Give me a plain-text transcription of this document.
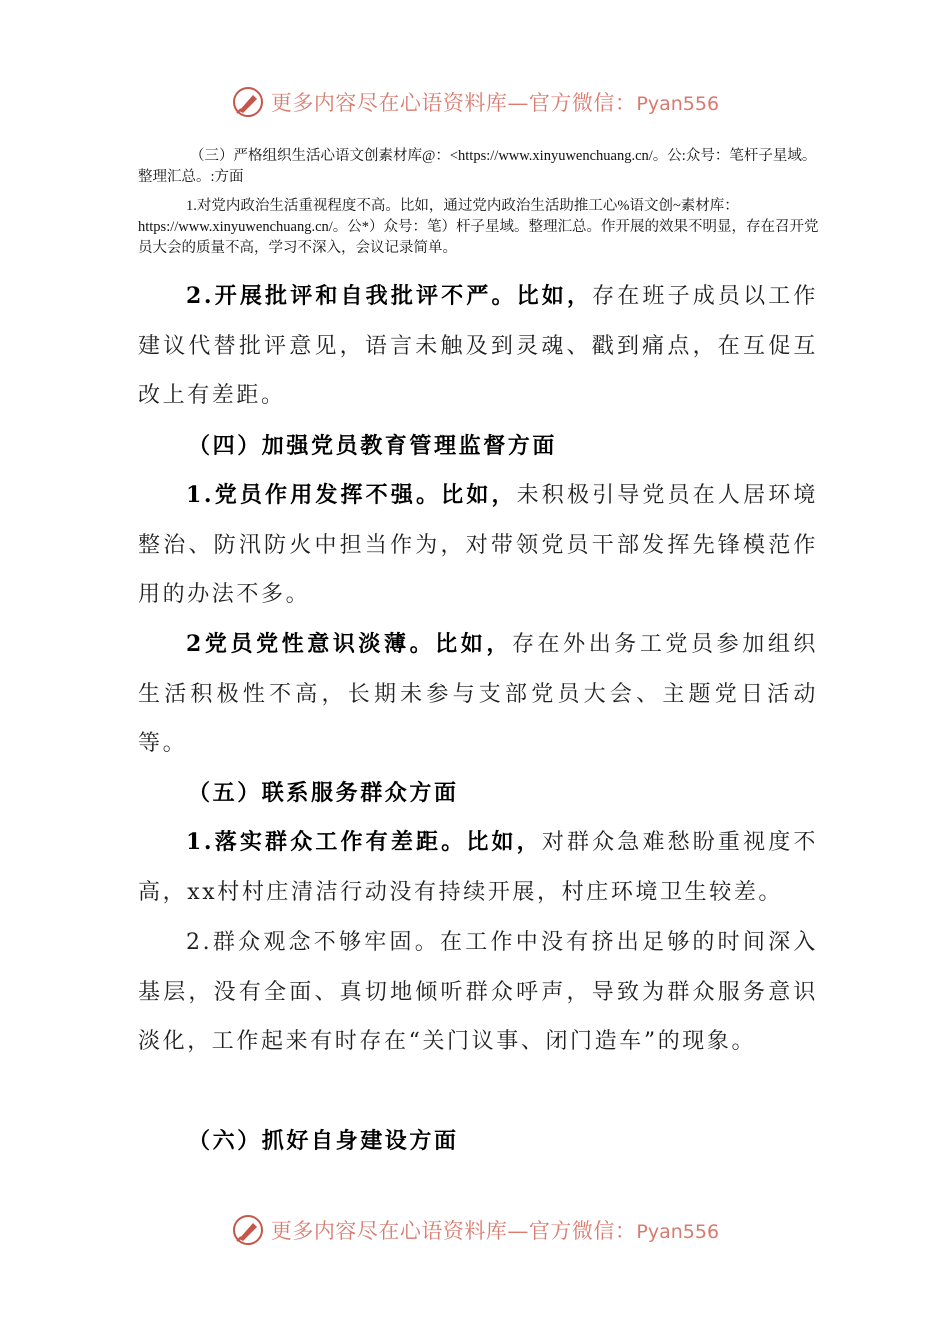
更多内容尽在心语资料库—官方微信：Pyan556
（三）严格组织生活心语文创素材库@：<https://www.xinyuwenchuang.cn/。公:众号：笔杆子星域。整理汇总。:方面
1.对党内政治生活重视程度不高。比如，通过党内政治生活助推工心%语文创~素材库：https://www.xinyuwenchuang.cn/。公*）众号：笔）杆子星域。整理汇总。作开展的效果不明显，存在召开党员大会的质量不高，学习不深入，会议记录简单。
2.开展批评和自我批评不严。比如，存在班子成员以工作建议代替批评意见，语言未触及到灵魂、戳到痛点，在互促互改上有差距。
（四）加强党员教育管理监督方面
1.党员作用发挥不强。比如，未积极引导党员在人居环境整治、防汛防火中担当作为，对带领党员干部发挥先锋模范作用的办法不多。
2党员党性意识淡薄。比如，存在外出务工党员参加组织生活积极性不高，长期未参与支部党员大会、主题党日活动等。
（五）联系服务群众方面
1.落实群众工作有差距。比如，对群众急难愁盼重视度不高，xx村村庄清洁行动没有持续开展，村庄环境卫生较差。
2.群众观念不够牢固。在工作中没有挤出足够的时间深入基层，没有全面、真切地倾听群众呼声，导致为群众服务意识淡化，工作起来有时存在“关门议事、闭门造车”的现象。
（六）抓好自身建设方面
更多内容尽在心语资料库—官方微信：Pyan556
